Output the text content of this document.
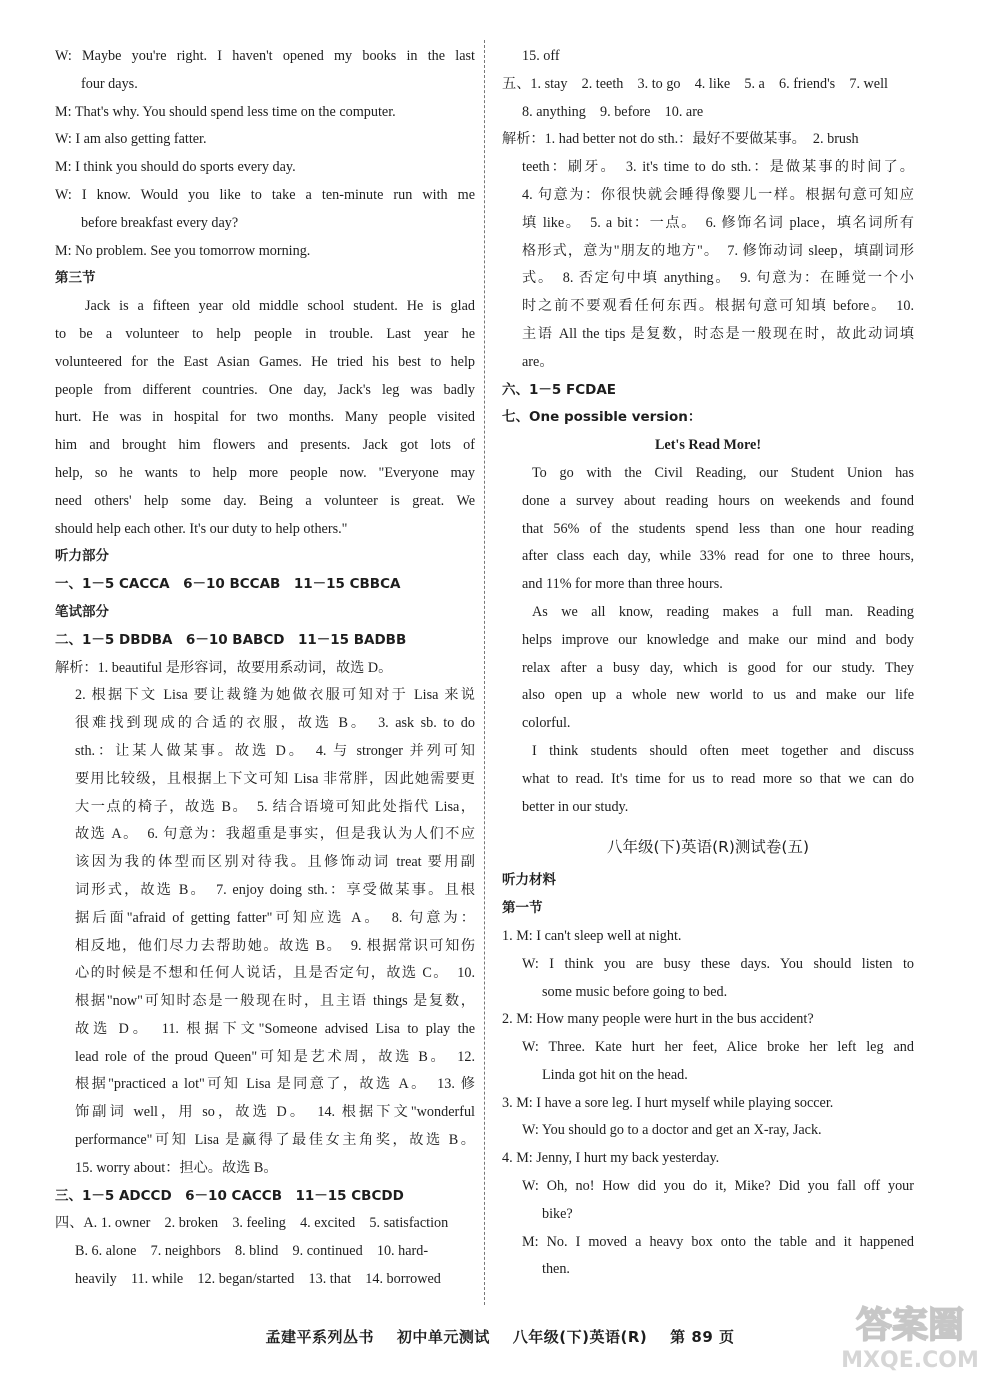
W: Maybe you're right. I haven't opened my books in the last
four days.
M: That's why. You should spend less time on the computer.
W: I am also getting fatter.
M: I think you should do sports every day.
W: I know. Would you like to take a ten-minute run with me
before breakfast every day?
M: No problem. See you tomorrow morning.
第三节
Jack is a fifteen year old middle school student. He is glad
to be a volunteer to help people in trouble. Last year he
volunteered for the East Asian Games. He tried his best to help
people from different countries. One day, Jack's leg was badly
hurt. He was in hospital for two months. Many people visited
him and brought him flowers and presents. Jack got lots of
help, so he wants to help more people now. "Everyone may
need others' help some day. Being a volunteer is great. We
should help each other. It's our duty to help others."
听力部分
一、1－5 CACCA　6－10 BCCAB　11－15 CBBCA
笔试部分
二、1－5 DBDBA　6－10 BABCD　11－15 BADBB
解析：1. beautiful 是形容词，故要用系动词，故选 D。
2. 根据下文 Lisa 要让裁缝为她做衣服可知对于 Lisa 来说
很难找到现成的合适的衣服，故选 B。　3. ask sb. to do
sth.：让某人做某事。故选 D。　4. 与 stronger 并列可知
要用比较级，且根据上下文可知 Lisa 非常胖，因此她需要更
大一点的椅子，故选 B。　5. 结合语境可知此处指代 Lisa，
故选 A。　6. 句意为：我超重是事实，但是我认为人们不应
该因为我的体型而区别对待我。且修饰动词 treat 要用副
词形式，故选 B。　7. enjoy doing sth.：享受做某事。且根
据后面"afraid of getting fatter"可知应选 A。　8. 句意为：
相反地，他们尽力去帮助她。故选 B。　9. 根据常识可知伤
心的时候是不想和任何人说话，且是否定句，故选 C。　10.
根据"now"可知时态是一般现在时，且主语 things 是复数，
故选 D。　11. 根据下文"Someone advised Lisa to play the
lead role of the proud Queen"可知是艺术周，故选 B。　12.
根据"practiced a lot"可知 Lisa 是同意了，故选 A。　13. 修
饰副词 well，用 so，故选 D。　14. 根据下文"wonderful
performance"可知 Lisa 是赢得了最佳女主角奖，故选 B。
15. worry about：担心。故选 B。
三、1－5 ADCCD　6－10 CACCB　11－15 CBCDD
四、A. 1. owner　2. broken　3. feeling　4. excited　5. satisfaction
B. 6. alone　7. neighbors　8. blind　9. continued　10. hard-
heavily　11. while　12. began/started　13. that　14. borrowed
15. off
五、1. stay　2. teeth　3. to go　4. like　5. a　6. friend's　7. well
8. anything　9. before　10. are
解析：1. had better not do sth.：最好不要做某事。　2. brush
teeth：刷牙。　3. it's time to do sth.：是做某事的时间了。
4. 句意为：你很快就会睡得像婴儿一样。根据句意可知应
填 like。　5. a bit：一点。　6. 修饰名词 place，填名词所有
格形式，意为"朋友的地方"。　7. 修饰动词 sleep，填副词形
式。　8. 否定句中填 anything。　9. 句意为：在睡觉一个小
时之前不要观看任何东西。根据句意可知填 before。　10.
主语 All the tips 是复数，时态是一般现在时，故此动词填
are。
六、1－5 FCDAE
七、One possible version：
Let's Read More!
To go with the Civil Reading, our Student Union has
done a survey about reading hours on weekends and found
that 56% of the students spend less than one hour reading
after class each day, while 33% read for one to three hours,
and 11% for more than three hours.
As we all know, reading makes a full man. Reading
helps improve our knowledge and make our mind and body
relax after a busy day, which is good for our study. They
also open up a whole new world to us and make our life
colorful.
I think students should often meet together and discuss
what to read. It's time for us to read more so that we can do
better in our study.
八年级(下)英语(R)测试卷(五)
听力材料
第一节
1. M: I can't sleep well at night.
W: I think you are busy these days. You should listen to
some music before going to bed.
2. M: How many people were hurt in the bus accident?
W: Three. Kate hurt her feet, Alice broke her left leg and
Linda got hit on the head.
3. M: I have a sore leg. I hurt myself while playing soccer.
W: You should go to a doctor and get an X-ray, Jack.
4. M: Jenny, I hurt my back yesterday.
W: Oh, no! How did you do it, Mike? Did you fall off your
bike?
M: No. I moved a heavy box onto the table and it happened
then.
孟建平系列丛书 初中单元测试 八年级(下)英语(R) 第 89 页	答案圈
MXQE.COM
